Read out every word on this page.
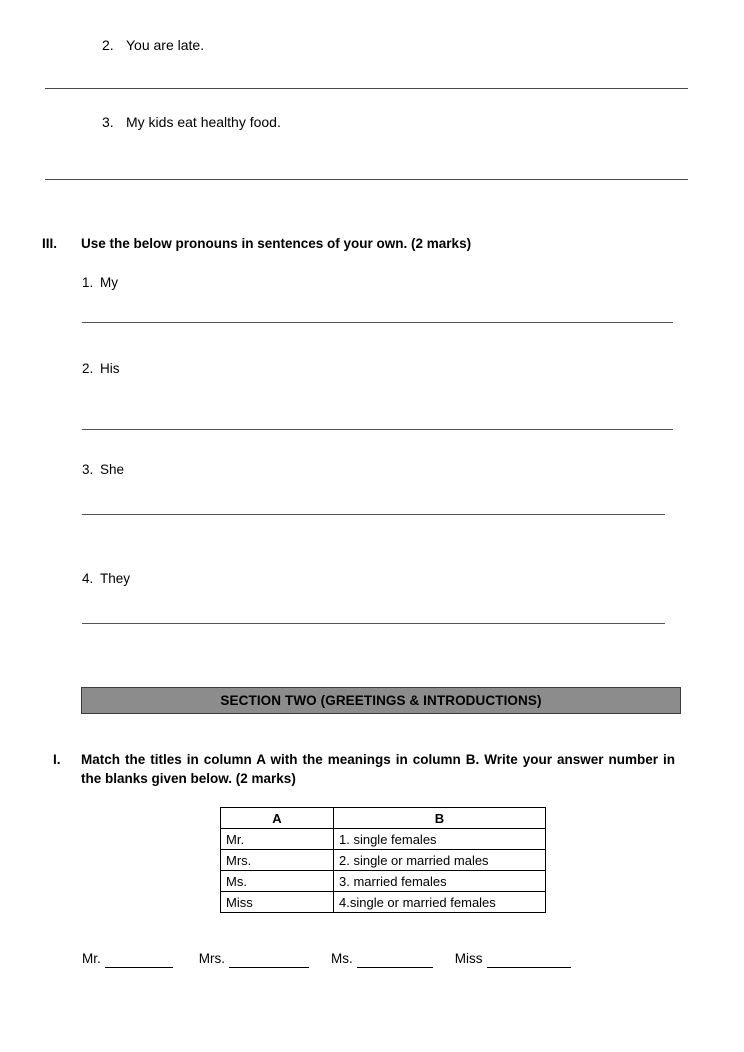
2. You are late.
3. My kids eat healthy food.
III. Use the below pronouns in sentences of your own. (2 marks)
1. My
2. His
3. She
4. They
SECTION TWO (GREETINGS & INTRODUCTIONS)
I. Match the titles in column A with the meanings in column B. Write your answer number in the blanks given below. (2 marks)
A	B
Mr.	1. single females
Mrs.	2. single or married males
Ms.	3. married females
Miss	4.single or married females
Mr.	Mrs.	Ms.	Miss
